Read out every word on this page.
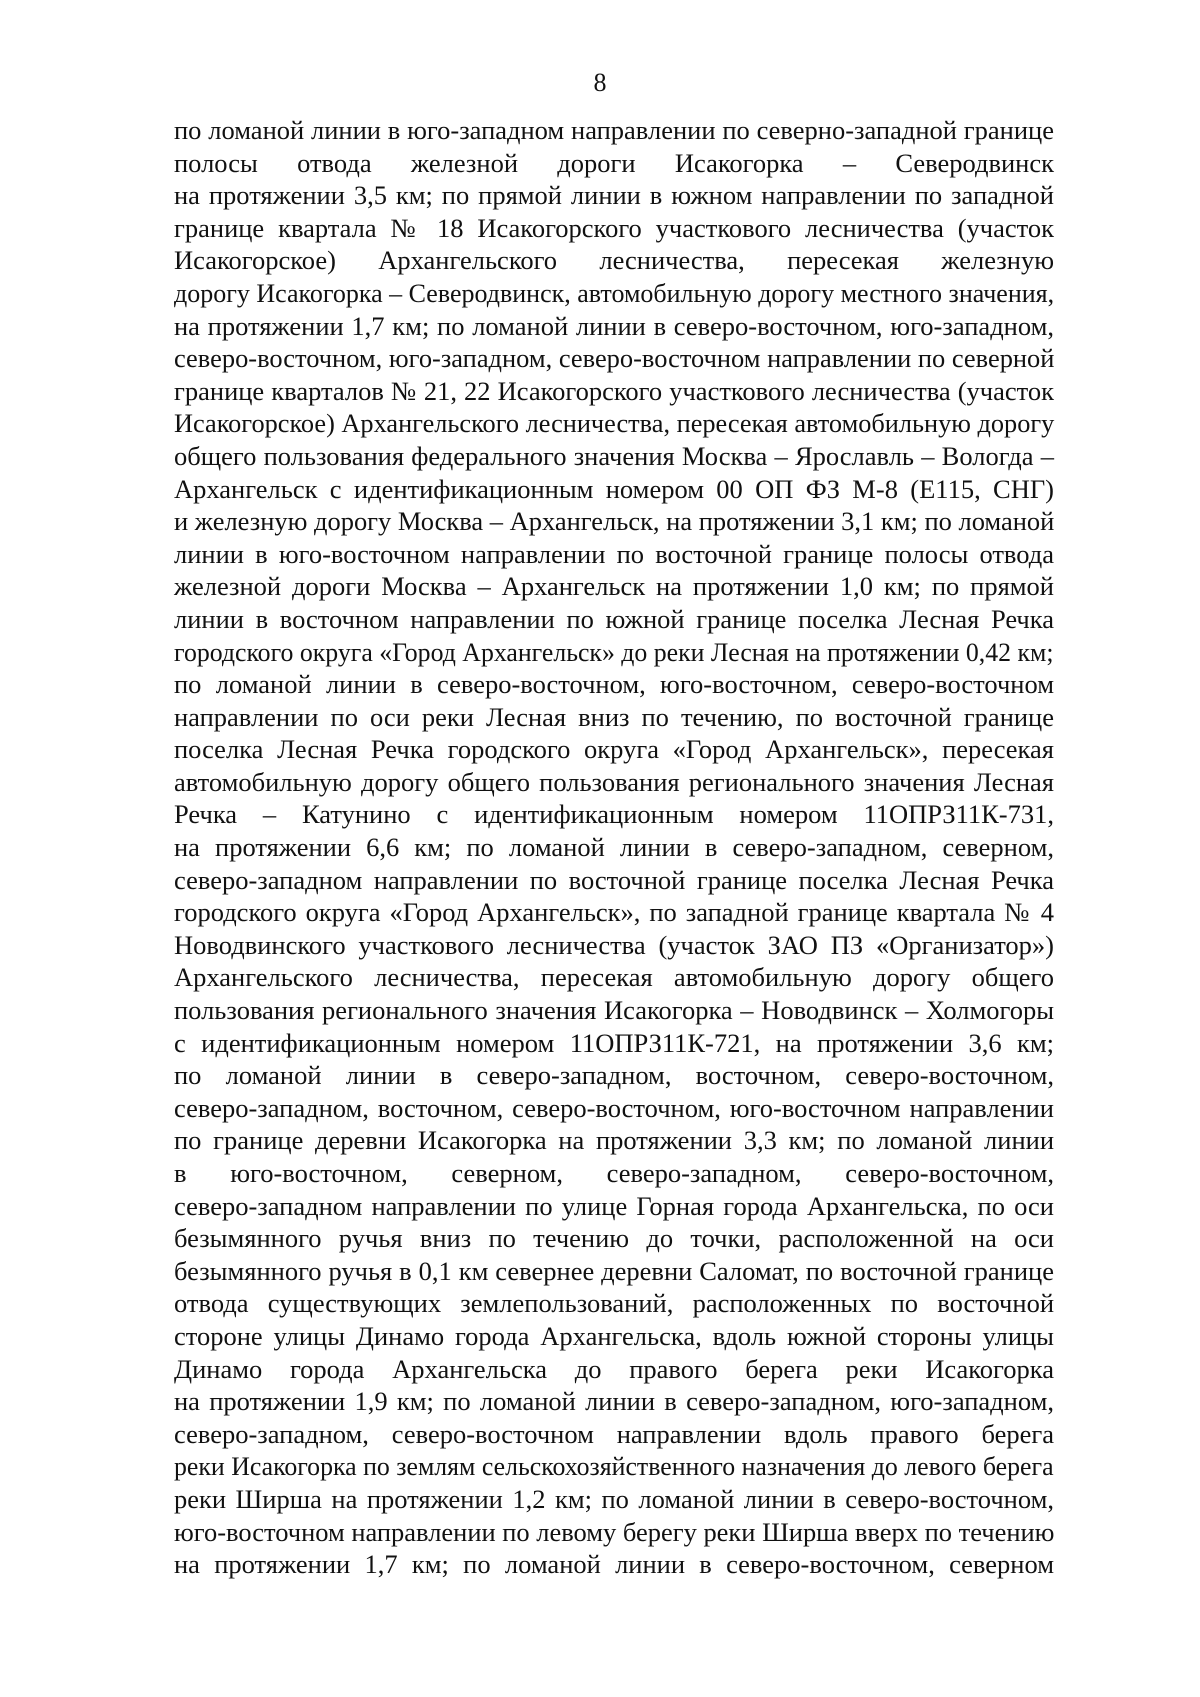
8
по ломаной линии в юго-западном направлении по северно-западной границе
полосы отвода железной дороги Исакогорка – Северодвинск
на протяжении 3,5 км; по прямой линии в южном направлении по западной
границе квартала № 18 Исакогорского участкового лесничества (участок
Исакогорское) Архангельского лесничества, пересекая железную
дорогу Исакогорка – Северодвинск, автомобильную дорогу местного значения,
на протяжении 1,7 км; по ломаной линии в северо-восточном, юго-западном,
северо-восточном, юго-западном, северо-восточном направлении по северной
границе кварталов № 21, 22 Исакогорского участкового лесничества (участок
Исакогорское) Архангельского лесничества, пересекая автомобильную дорогу
общего пользования федерального значения Москва – Ярославль – Вологда –
Архангельск с идентификационным номером 00 ОП ФЗ М-8 (Е115, СНГ)
и железную дорогу Москва – Архангельск, на протяжении 3,1 км; по ломаной
линии в юго-восточном направлении по восточной границе полосы отвода
железной дороги Москва – Архангельск на протяжении 1,0 км; по прямой
линии в восточном направлении по южной границе поселка Лесная Речка
городского округа «Город Архангельск» до реки Лесная на протяжении 0,42 км;
по ломаной линии в северо-восточном, юго-восточном, северо-восточном
направлении по оси реки Лесная вниз по течению, по восточной границе
поселка Лесная Речка городского округа «Город Архангельск», пересекая
автомобильную дорогу общего пользования регионального значения Лесная
Речка – Катунино с идентификационным номером 11ОПРЗ11К-731,
на протяжении 6,6 км; по ломаной линии в северо-западном, северном,
северо-западном направлении по восточной границе поселка Лесная Речка
городского округа «Город Архангельск», по западной границе квартала № 4
Новодвинского участкового лесничества (участок ЗАО ПЗ «Организатор»)
Архангельского лесничества, пересекая автомобильную дорогу общего
пользования регионального значения Исакогорка – Новодвинск – Холмогоры
с идентификационным номером 11ОПРЗ11К-721, на протяжении 3,6 км;
по ломаной линии в северо-западном, восточном, северо-восточном,
северо-западном, восточном, северо-восточном, юго-восточном направлении
по границе деревни Исакогорка на протяжении 3,3 км; по ломаной линии
в юго-восточном, северном, северо-западном, северо-восточном,
северо-западном направлении по улице Горная города Архангельска, по оси
безымянного ручья вниз по течению до точки, расположенной на оси
безымянного ручья в 0,1 км севернее деревни Саломат, по восточной границе
отвода существующих землепользований, расположенных по восточной
стороне улицы Динамо города Архангельска, вдоль южной стороны улицы
Динамо города Архангельска до правого берега реки Исакогорка
на протяжении 1,9 км; по ломаной линии в северо-западном, юго-западном,
северо-западном, северо-восточном направлении вдоль правого берега
реки Исакогорка по землям сельскохозяйственного назначения до левого берега
реки Ширша на протяжении 1,2 км; по ломаной линии в северо-восточном,
юго-восточном направлении по левому берегу реки Ширша вверх по течению
на протяжении 1,7 км; по ломаной линии в северо-восточном, северном
